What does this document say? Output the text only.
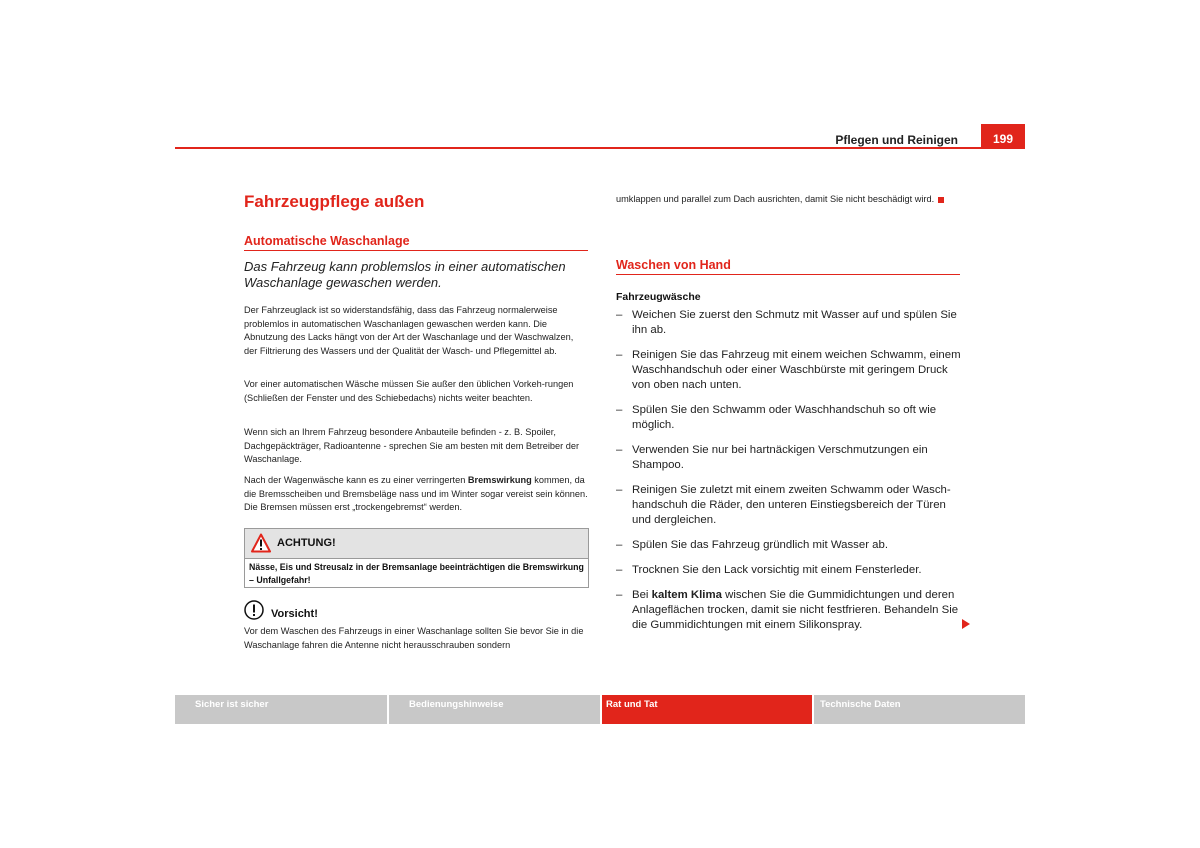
Pflegen und Reinigen	199
Fahrzeugpflege außen
Automatische Waschanlage

Das Fahrzeug kann problemslos in einer automatischen Waschanlage gewaschen werden.

Der Fahrzeuglack ist so widerstandsfähig, dass das Fahrzeug normalerweise problemlos in automatischen Waschanlagen gewaschen werden kann. Die Abnutzung des Lacks hängt von der Art der Waschanlage und der Waschwalzen, der Filtrierung des Wassers und der Qualität der Wasch- und Pflegemittel ab.

Vor einer automatischen Wäsche müssen Sie außer den üblichen Vorkeh-rungen (Schließen der Fenster und des Schiebedachs) nichts weiter beachten.

Wenn sich an Ihrem Fahrzeug besondere Anbauteile befinden - z. B. Spoiler, Dachgepäckträger, Radioantenne - sprechen Sie am besten mit dem Betreiber der Waschanlage.

Nach der Wagenwäsche kann es zu einer verringerten Bremswirkung kommen, da die Bremsscheiben und Bremsbeläge nass und im Winter sogar vereist sein können. Die Bremsen müssen erst „trockengebremst“ werden.

ACHTUNG!
Nässe, Eis und Streusalz in der Bremsanlage beeinträchtigen die Bremswirkung – Unfallgefahr!
Vorsicht!

Vor dem Waschen des Fahrzeugs in einer Waschanlage sollten Sie bevor Sie in die Waschanlage fahren die Antenne nicht herausschrauben sondern

umklappen und parallel zum Dach ausrichten, damit Sie nicht beschädigt wird.

Waschen von Hand
Fahrzeugwäsche
– Weichen Sie zuerst den Schmutz mit Wasser auf und spülen Sie ihn ab.
– Reinigen Sie das Fahrzeug mit einem weichen Schwamm, einem Waschhandschuh oder einer Waschbürste mit geringem Druck von oben nach unten.
– Spülen Sie den Schwamm oder Waschhandschuh so oft wie möglich.
– Verwenden Sie nur bei hartnäckigen Verschmutzungen ein Shampoo.
– Reinigen Sie zuletzt mit einem zweiten Schwamm oder Wasch-handschuh die Räder, den unteren Einstiegsbereich der Türen und dergleichen.
– Spülen Sie das Fahrzeug gründlich mit Wasser ab.
– Trocknen Sie den Lack vorsichtig mit einem Fensterleder.
– Bei kaltem Klima wischen Sie die Gummidichtungen und deren Anlageflächen trocken, damit sie nicht festfrieren. Behandeln Sie die Gummidichtungen mit einem Silikonspray.
Sicher ist sicher	Bedienungshinweise	Rat und Tat	Technische Daten
